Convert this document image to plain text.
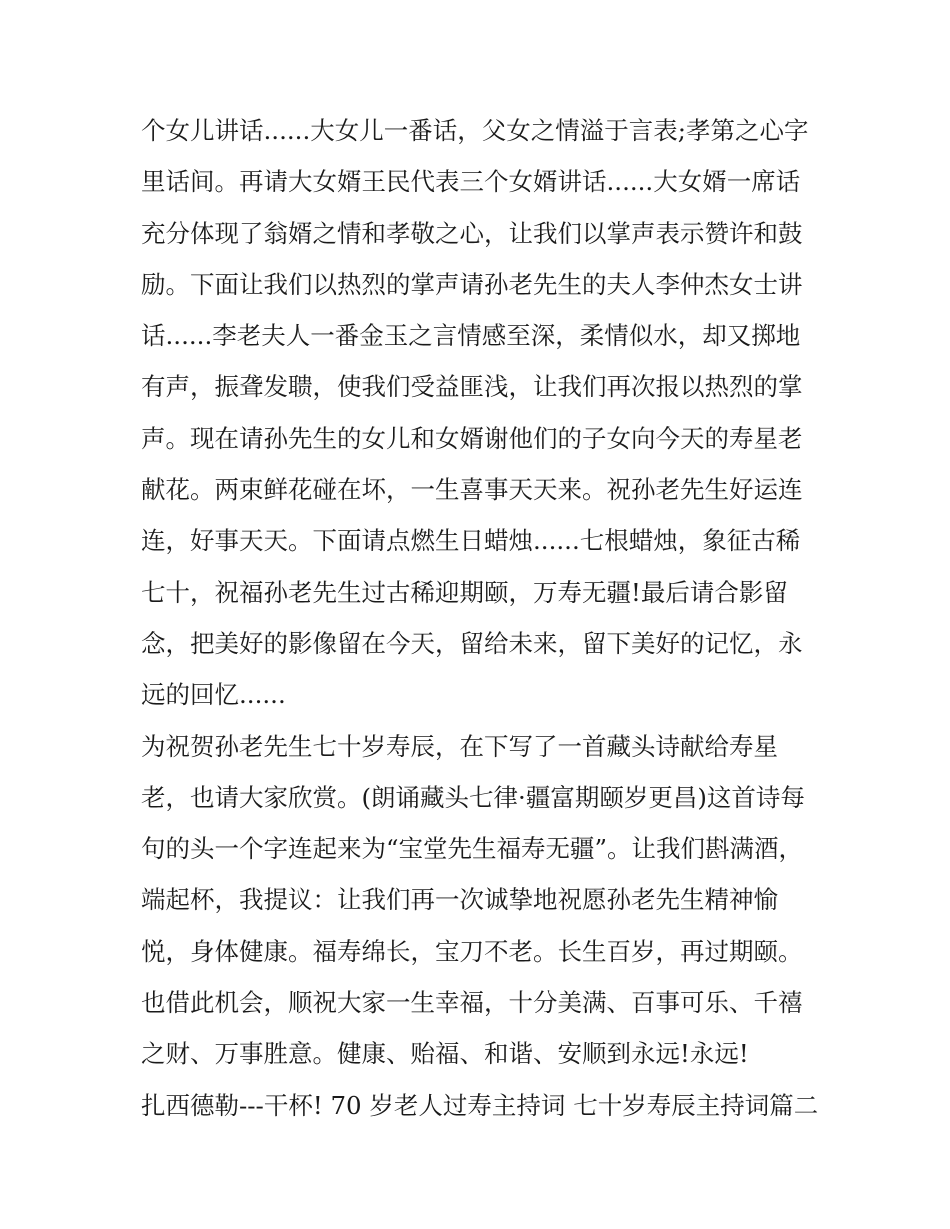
个女儿讲话......大女儿一番话，父女之情溢于言表;孝第之心字
里话间。再请大女婿王民代表三个女婿讲话......大女婿一席话
充分体现了翁婿之情和孝敬之心，让我们以掌声表示赞许和鼓
励。下面让我们以热烈的掌声请孙老先生的夫人李仲杰女士讲
话......李老夫人一番金玉之言情感至深，柔情似水，却又掷地
有声，振聋发聩，使我们受益匪浅，让我们再次报以热烈的掌
声。现在请孙先生的女儿和女婿谢他们的子女向今天的寿星老
献花。两束鲜花碰在坏，一生喜事天天来。祝孙老先生好运连
连，好事天天。下面请点燃生日蜡烛......七根蜡烛，象征古稀
七十，祝福孙老先生过古稀迎期颐，万寿无疆!最后请合影留
念，把美好的影像留在今天，留给未来，留下美好的记忆，永
远的回忆......
为祝贺孙老先生七十岁寿辰，在下写了一首藏头诗献给寿星
老，也请大家欣赏。(朗诵藏头七律·疆富期颐岁更昌)这首诗每
句的头一个字连起来为“宝堂先生福寿无疆”。让我们斟满酒，
端起杯，我提议：让我们再一次诚挚地祝愿孙老先生精神愉
悦，身体健康。福寿绵长，宝刀不老。长生百岁，再过期颐。
也借此机会，顺祝大家一生幸福，十分美满、百事可乐、千禧
之财、万事胜意。健康、贻福、和谐、安顺到永远!永远!
扎西德勒---干杯! 70 岁老人过寿主持词 七十岁寿辰主持词篇二
